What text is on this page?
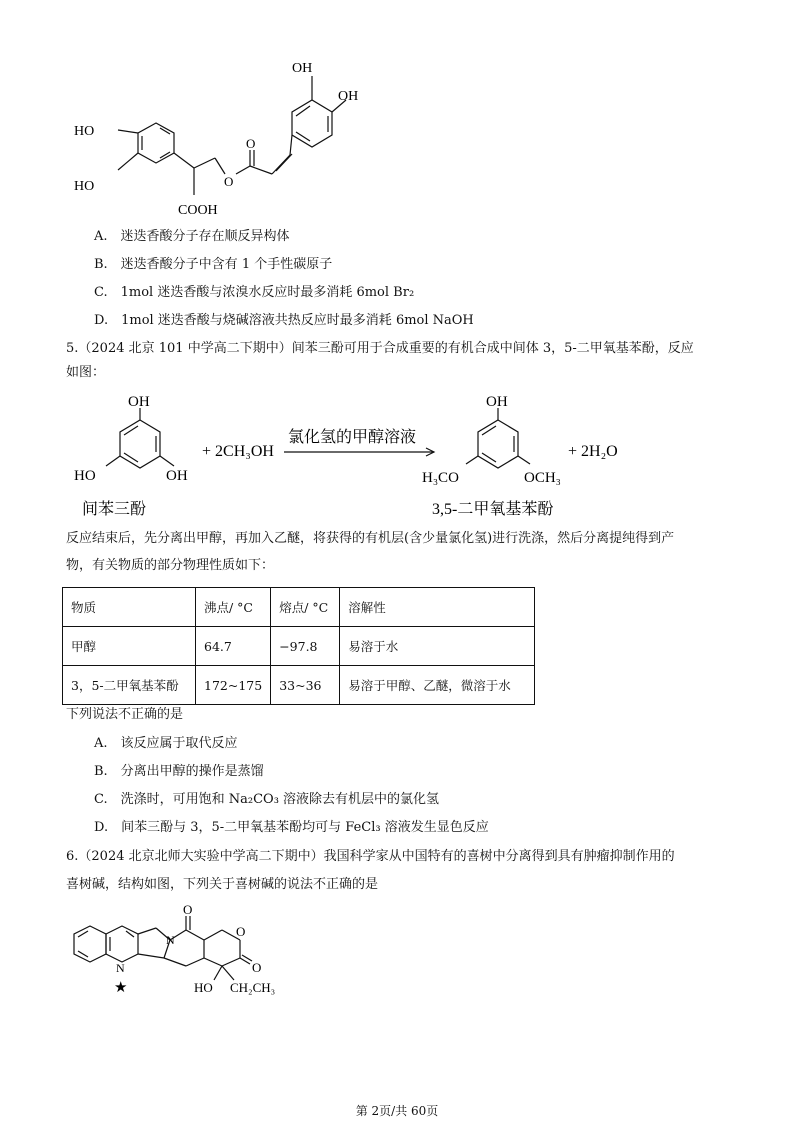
HO
HO
OH
OH
O
O
COOH
A.　迷迭香酸分子存在顺反异构体
B.　迷迭香酸分子中含有 1 个手性碳原子
C.　1mol 迷迭香酸与浓溴水反应时最多消耗 6mol Br₂
D.　1mol 迷迭香酸与烧碱溶液共热反应时最多消耗 6mol NaOH
5.（2024 北京 101 中学高二下期中）间苯三酚可用于合成重要的有机合成中间体 3，5-二甲氧基苯酚，反应
如图：
OH
HO	OH
间苯三酚
+ 2CH₃OH
氯化氢的甲醇溶液
OH
H₃CO	OCH₃
3,5-二甲氧基苯酚
+ 2H₂O
反应结束后，先分离出甲醇，再加入乙醚，将获得的有机层(含少量氯化氢)进行洗涤，然后分离提纯得到产
物，有关物质的部分物理性质如下：
物质	沸点/ °C	熔点/ °C	溶解性
甲醇	64.7	−97.8	易溶于水
3，5-二甲氧基苯酚	172~175	33~36	易溶于甲醇、乙醚，微溶于水
下列说法不正确的是
A.　该反应属于取代反应
B.　分离出甲醇的操作是蒸馏
C.　洗涤时，可用饱和 Na₂CO₃ 溶液除去有机层中的氯化氢
D.　间苯三酚与 3，5-二甲氧基苯酚均可与 FeCl₃ 溶液发生显色反应
6.（2024 北京北师大实验中学高二下期中）我国科学家从中国特有的喜树中分离得到具有肿瘤抑制作用的
喜树碱，结构如图，下列关于喜树碱的说法不正确的是
N
N
O
O
O
HO CH₂CH₃
★
第 2页/共 60页
